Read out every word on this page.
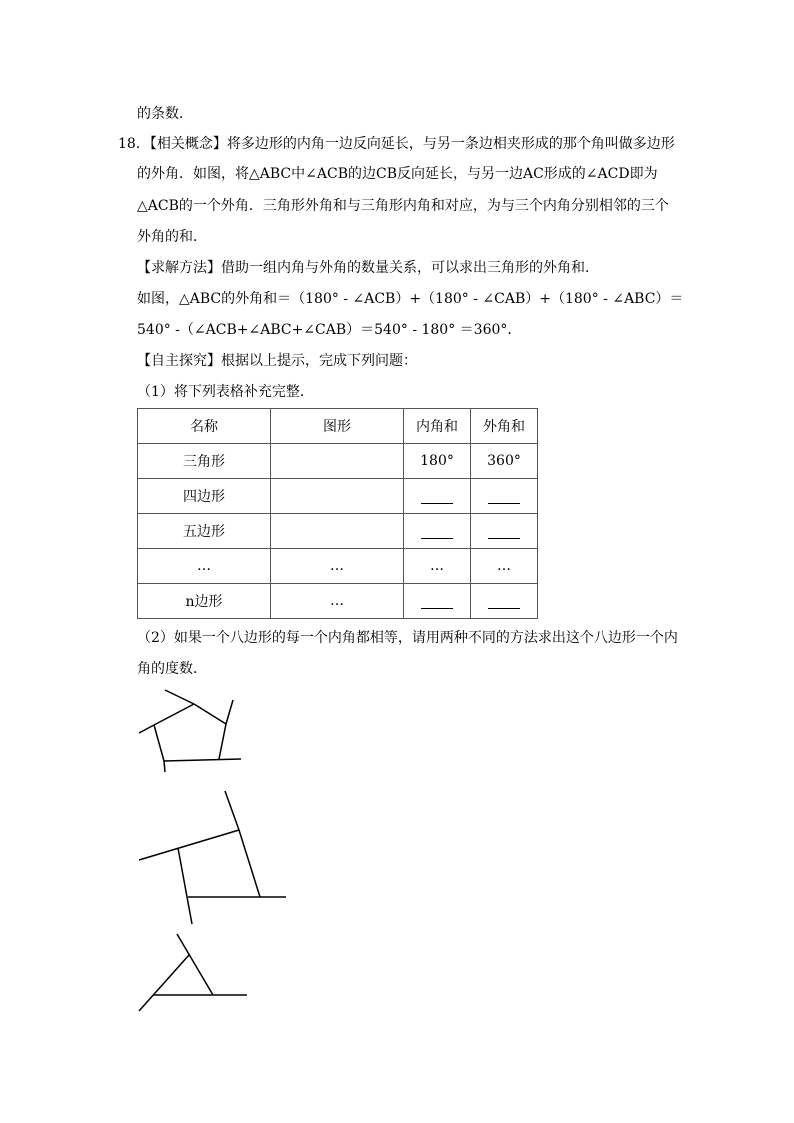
的条数．
18．【相关概念】将多边形的内角一边反向延长，与另一条边相夹形成的那个角叫做多边形
的外角．如图，将△ABC中∠ACB的边CB反向延长，与另一边AC形成的∠ACD即为
△ACB的一个外角．三角形外角和与三角形内角和对应，为与三个内角分别相邻的三个
外角的和．
【求解方法】借助一组内角与外角的数量关系，可以求出三角形的外角和．
如图，△ABC的外角和＝（180° - ∠ACB）+（180° - ∠CAB）+（180° - ∠ABC）＝
540° -（∠ACB+∠ABC+∠CAB）＝540° - 180° ＝360°．
【自主探究】根据以上提示，完成下列问题：
（1）将下列表格补充完整．
名称	图形	内角和	外角和
三角形		180°	360°
四边形			
五边形			
…	…	…	…
n边形	…		
（2）如果一个八边形的每一个内角都相等，请用两种不同的方法求出这个八边形一个内
角的度数．
